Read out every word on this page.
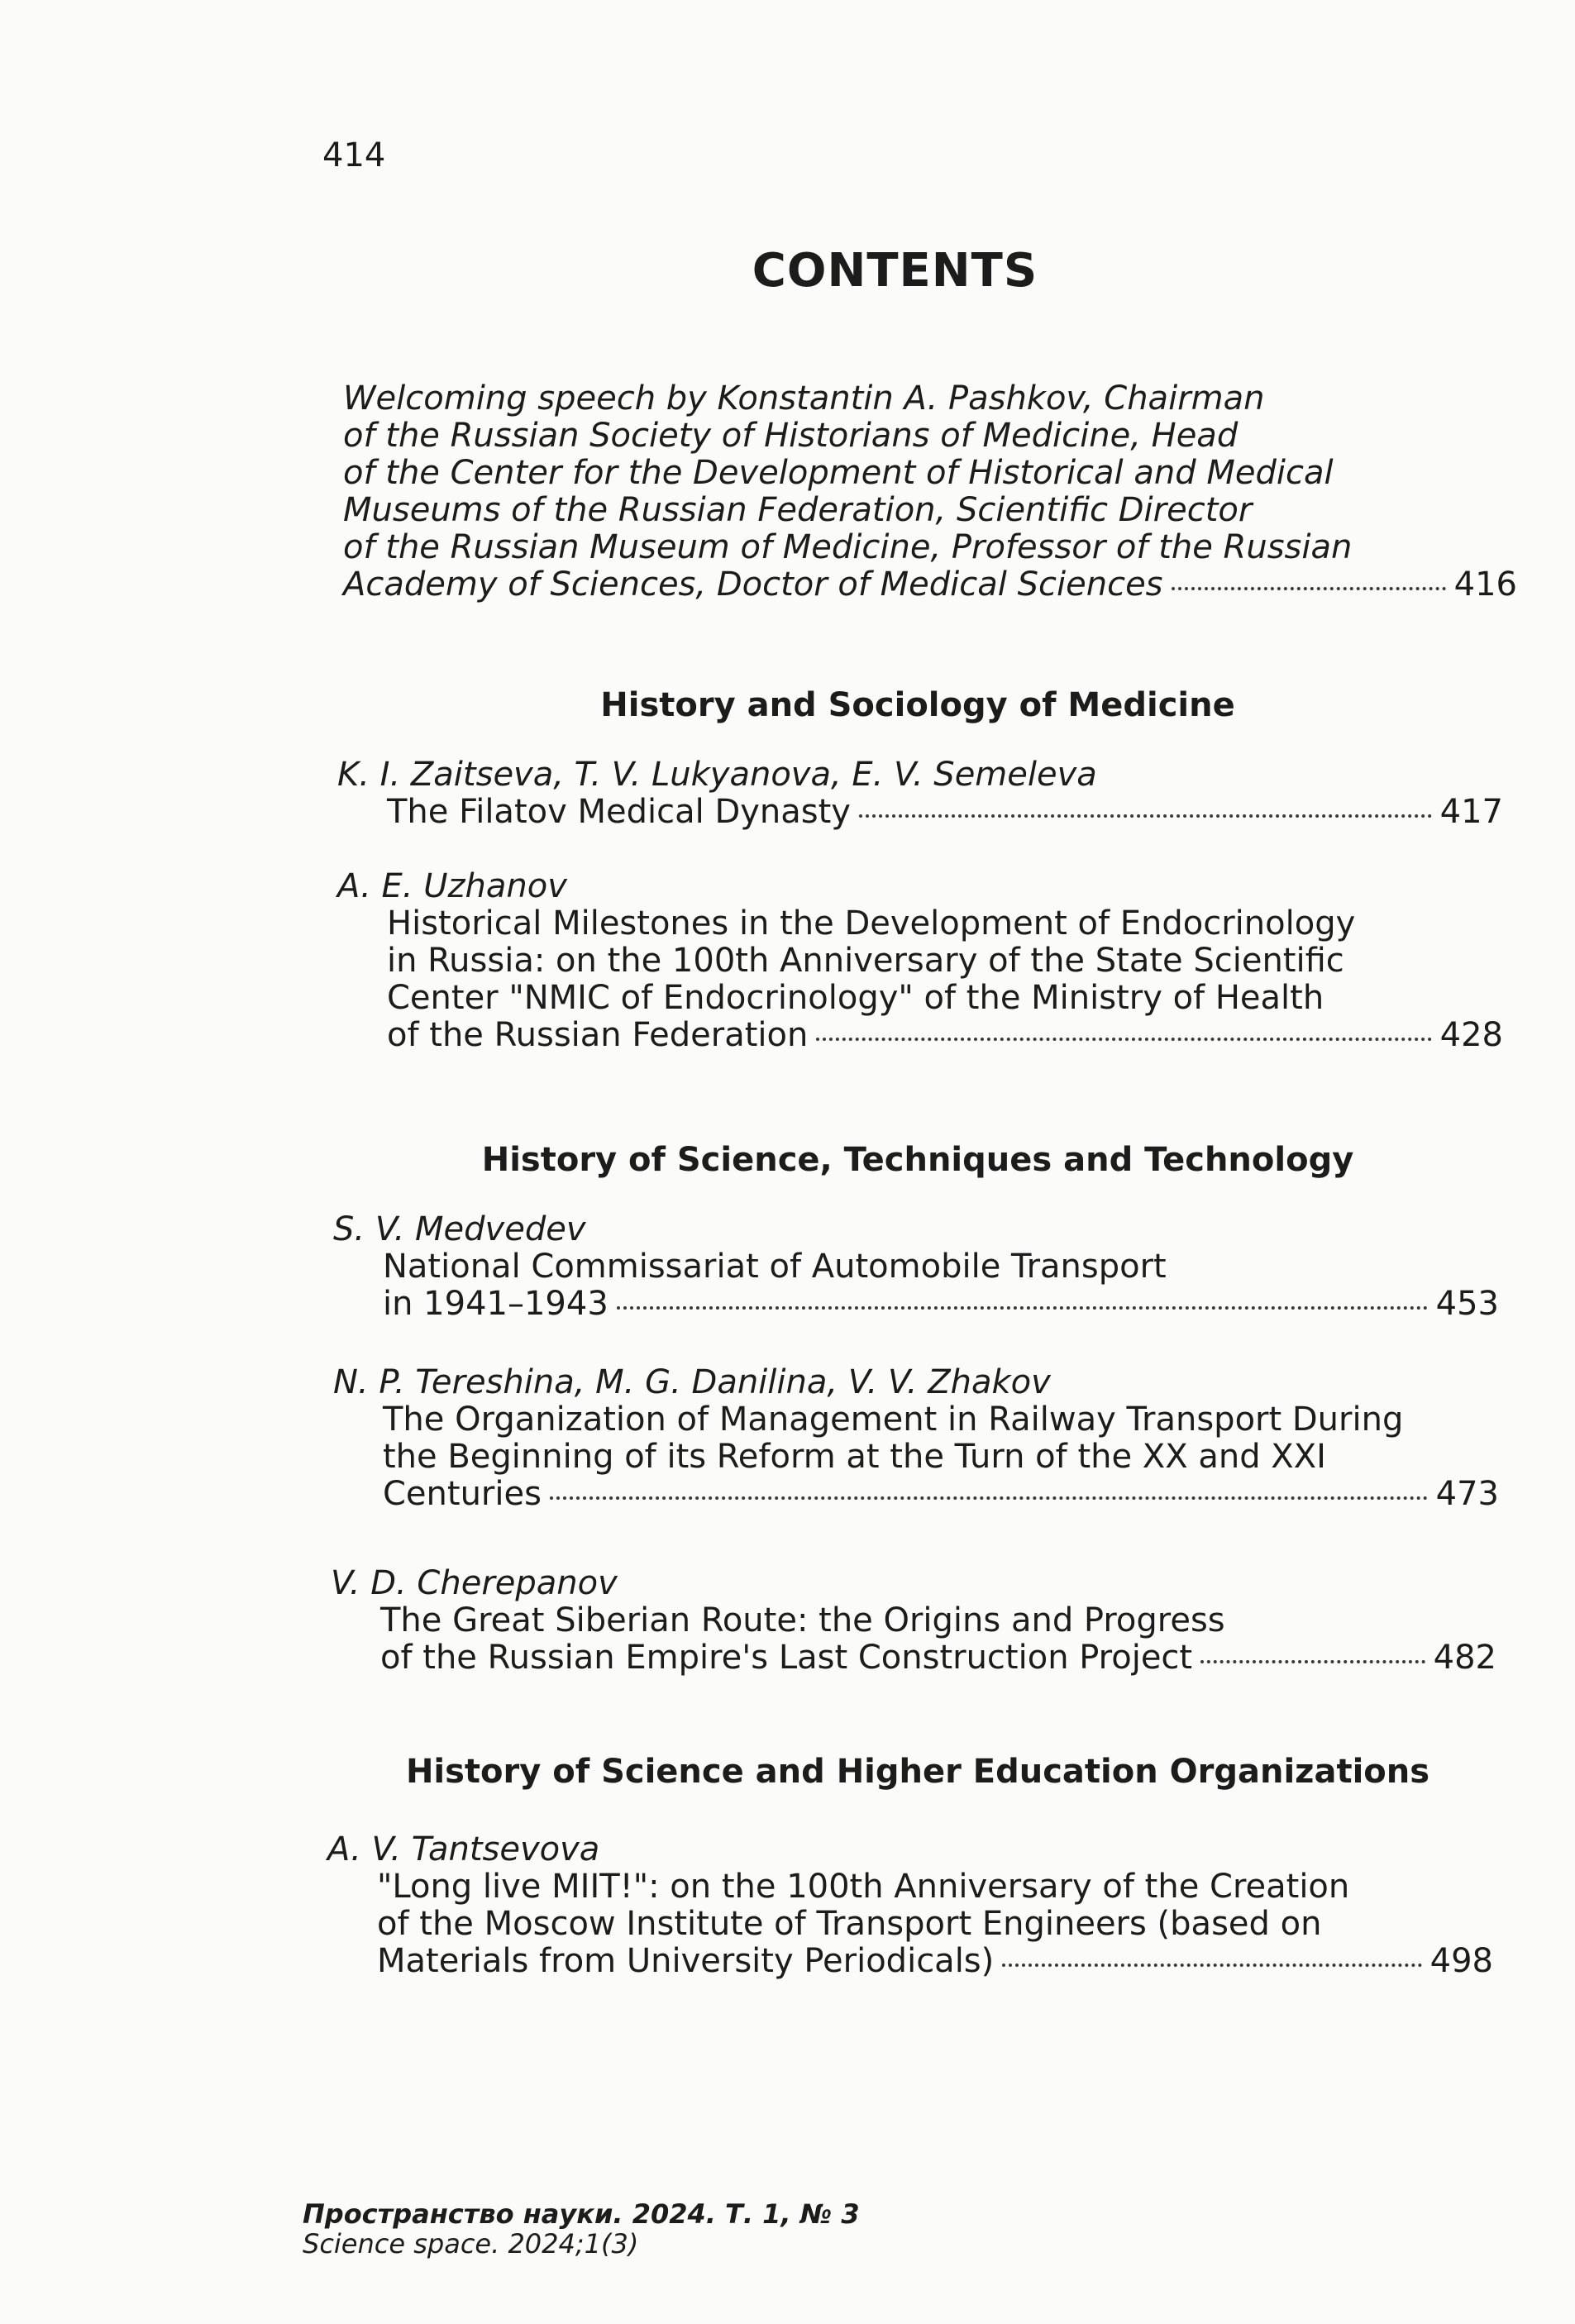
414
CONTENTS
Welcoming speech by Konstantin A. Pashkov, Chairman
of the Russian Society of Historians of Medicine, Head
of the Center for the Development of Historical and Medical
Museums of the Russian Federation, Scientific Director
of the Russian Museum of Medicine, Professor of the Russian
Academy of Sciences, Doctor of Medical Sciences	416
History and Sociology of Medicine
K. I. Zaitseva, T. V. Lukyanova, E. V. Semeleva
The Filatov Medical Dynasty	417
A. E. Uzhanov
Historical Milestones in the Development of Endocrinology
in Russia: on the 100th Anniversary of the State Scientific
Center "NMIC of Endocrinology" of the Ministry of Health
of the Russian Federation	428
History of Science, Techniques and Technology
S. V. Medvedev
National Commissariat of Automobile Transport
in 1941–1943	453
N. P. Tereshina, M. G. Danilina, V. V. Zhakov
The Organization of Management in Railway Transport During
the Beginning of its Reform at the Turn of the XX and XXI
Centuries	473
V. D. Cherepanov
The Great Siberian Route: the Origins and Progress
of the Russian Empire's Last Construction Project	482
History of Science and Higher Education Organizations
A. V. Tantsevova
"Long live MIIT!": on the 100th Anniversary of the Creation
of the Moscow Institute of Transport Engineers (based on
Materials from University Periodicals)	498
Пространство науки. 2024. Т. 1, № 3
Science space. 2024;1(3)
